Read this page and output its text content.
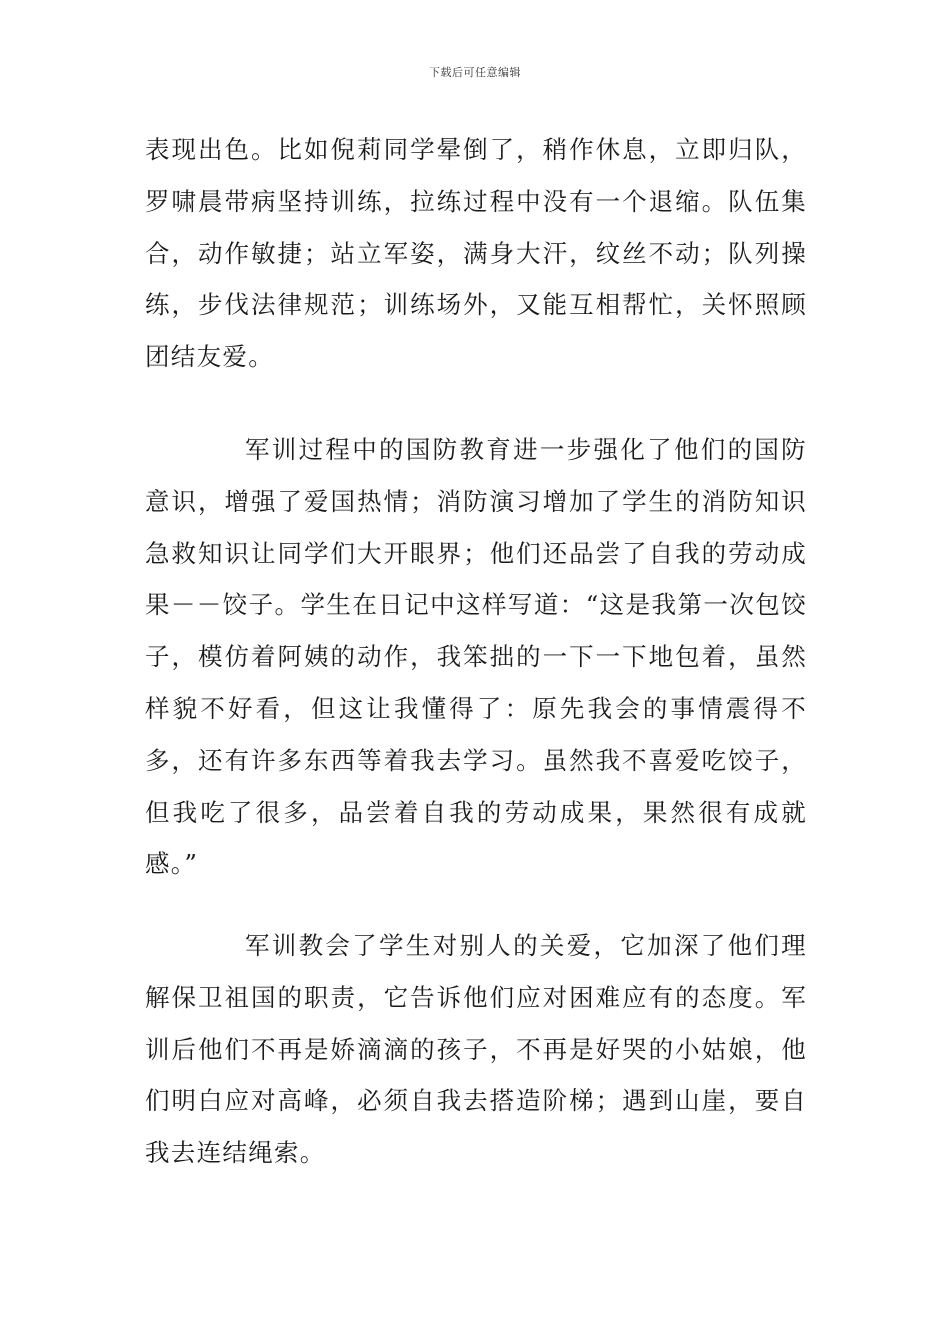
下载后可任意编辑

表现出色。比如倪莉同学晕倒了，稍作休息，立即归队，罗啸晨带病坚持训练，拉练过程中没有一个退缩。队伍集合，动作敏捷；站立军姿，满身大汗，纹丝不动；队列操练，步伐法律规范；训练场外，又能互相帮忙，关怀照顾团结友爱。

军训过程中的国防教育进一步强化了他们的国防意识，增强了爱国热情；消防演习增加了学生的消防知识急救知识让同学们大开眼界；他们还品尝了自我的劳动成果－－饺子。学生在日记中这样写道：“这是我第一次包饺子，模仿着阿姨的动作，我笨拙的一下一下地包着，虽然样貌不好看，但这让我懂得了：原先我会的事情震得不多，还有许多东西等着我去学习。虽然我不喜爱吃饺子，但我吃了很多，品尝着自我的劳动成果，果然很有成就感。”

军训教会了学生对别人的关爱，它加深了他们理解保卫祖国的职责，它告诉他们应对困难应有的态度。军训后他们不再是娇滴滴的孩子，不再是好哭的小姑娘，他们明白应对高峰，必须自我去搭造阶梯；遇到山崖，要自我去连结绳索。
